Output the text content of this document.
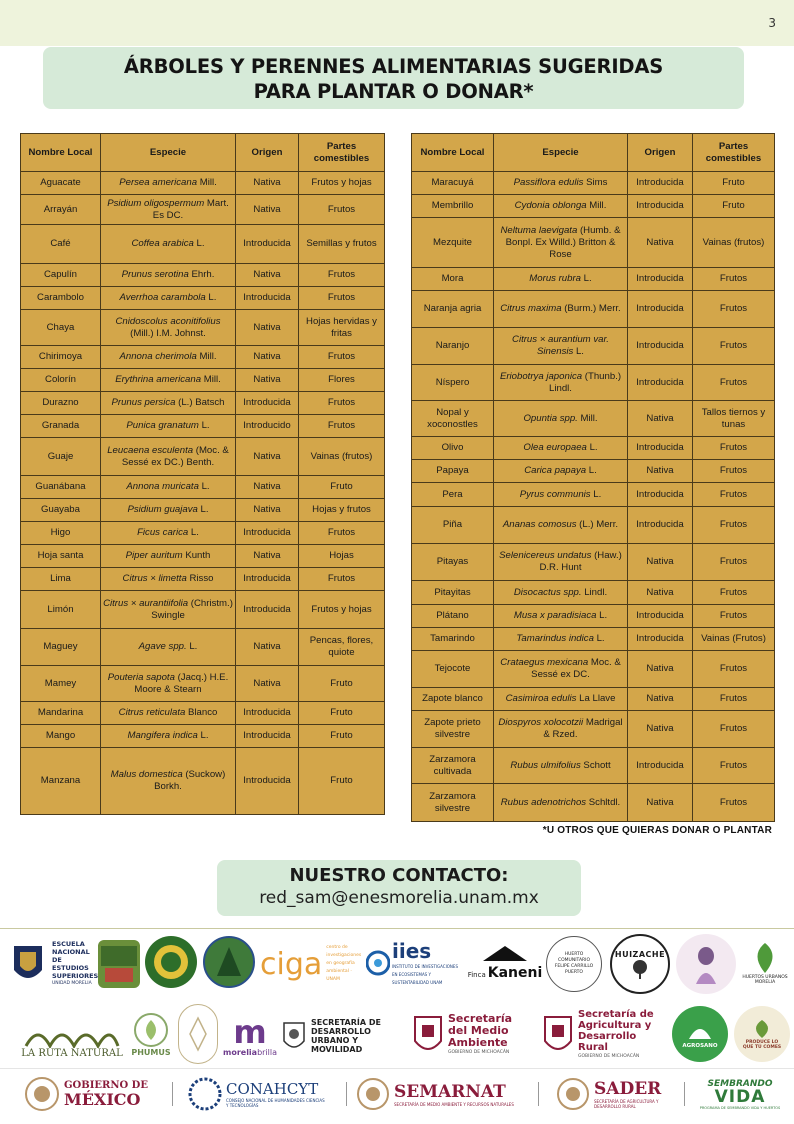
3
ÁRBOLES Y PERENNES ALIMENTARIAS SUGERIDAS
PARA PLANTAR O DONAR*
Nombre Local	Especie	Origen	Partes comestibles
Aguacate	Persea americana Mill.	Nativa	Frutos y hojas
Arrayán	Psidium oligospermum Mart. Es DC.	Nativa	Frutos
Café	Coffea arabica L.	Introducida	Semillas y frutos
Capulín	Prunus serotina Ehrh.	Nativa	Frutos
Carambolo	Averrhoa carambola L.	Introducida	Frutos
Chaya	Cnidoscolus aconitifolius (Mill.) I.M. Johnst.	Nativa	Hojas hervidas y fritas
Chirimoya	Annona cherimola Mill.	Nativa	Frutos
Colorín	Erythrina americana Mill.	Nativa	Flores
Durazno	Prunus persica (L.) Batsch	Introducida	Frutos
Granada	Punica granatum L.	Introducido	Frutos
Guaje	Leucaena esculenta (Moc. & Sessé ex DC.) Benth.	Nativa	Vainas (frutos)
Guanábana	Annona muricata L.	Nativa	Fruto
Guayaba	Psidium guajava L.	Nativa	Hojas y frutos
Higo	Ficus carica L.	Introducida	Frutos
Hoja santa	Piper auritum Kunth	Nativa	Hojas
Lima	Citrus × limetta Risso	Introducida	Frutos
Limón	Citrus × aurantiifolia (Christm.) Swingle	Introducida	Frutos y hojas
Maguey	Agave spp. L.	Nativa	Pencas, flores, quiote
Mamey	Pouteria sapota (Jacq.) H.E. Moore & Stearn	Nativa	Fruto
Mandarina	Citrus reticulata Blanco	Introducida	Fruto
Mango	Mangifera indica L.	Introducida	Fruto
Manzana	Malus domestica (Suckow) Borkh.	Introducida	Fruto
Nombre Local	Especie	Origen	Partes comestibles
Maracuyá	Passiflora edulis Sims	Introducida	Fruto
Membrillo	Cydonia oblonga Mill.	Introducida	Fruto
Mezquite	Neltuma laevigata (Humb. & Bonpl. Ex Willd.) Britton & Rose	Nativa	Vainas (frutos)
Mora	Morus rubra L.	Introducida	Frutos
Naranja agria	Citrus maxima (Burm.) Merr.	Introducida	Frutos
Naranjo	Citrus × aurantium var. Sinensis L.	Introducida	Frutos
Níspero	Eriobotrya japonica (Thunb.) Lindl.	Introducida	Frutos
Nopal y xoconostles	Opuntia spp. Mill.	Nativa	Tallos tiernos y tunas
Olivo	Olea europaea L.	Introducida	Frutos
Papaya	Carica papaya L.	Nativa	Frutos
Pera	Pyrus communis L.	Introducida	Frutos
Piña	Ananas comosus (L.) Merr.	Introducida	Frutos
Pitayas	Selenicereus undatus (Haw.) D.R. Hunt	Nativa	Frutos
Pitayitas	Disocactus spp. Lindl.	Nativa	Frutos
Plátano	Musa x paradisiaca L.	Introducida	Frutos
Tamarindo	Tamarindus indica L.	Introducida	Vainas (Frutos)
Tejocote	Crataegus mexicana Moc. & Sessé ex DC.	Nativa	Frutos
Zapote blanco	Casimiroa edulis La Llave	Nativa	Frutos
Zapote prieto silvestre	Diospyros xolocotzii Madrigal & Rzed.	Nativa	Frutos
Zarzamora cultivada	Rubus ulmifolius Schott	Introducida	Frutos
Zarzamora silvestre	Rubus adenotrichos Schltdl.	Nativa	Frutos
*U OTROS QUE QUIERAS DONAR O PLANTAR
NUESTRO CONTACTO:
red_sam@enesmorelia.unam.mx
ESCUELA NACIONAL DE ESTUDIOS SUPERIORES
UNIDAD MORELIA
ciga centro de investigaciones en geografía ambiental · UNAM
iies
INSTITUTO DE INVESTIGACIONES EN ECOSISTEMAS Y SUSTENTABILIDAD UNAM
Finca Kaneni
HUERTO COMUNITARIO FELIPE CARRILLO PUERTO
HUIZACHE
HUERTOS URBANOS MORELIA
LA RUTA NATURAL PHUMUS
m
moreliabrilla
SECRETARÍA DE DESARROLLO URBANO Y MOVILIDAD
Secretaría del Medio Ambiente
GOBIERNO DE MICHOACÁN
Secretaría de Agricultura y Desarrollo Rural
GOBIERNO DE MICHOACÁN
AGROSANO
PRODUCE LO QUE TÚ COMES
GOBIERNO DE
MÉXICO
CONAHCYT
CONSEJO NACIONAL DE HUMANIDADES CIENCIAS Y TECNOLOGÍAS
SEMARNAT
SECRETARÍA DE MEDIO AMBIENTE Y RECURSOS NATURALES
SADER
SECRETARÍA DE AGRICULTURA Y DESARROLLO RURAL
SEMBRANDO
VIDA
PROGRAMA DE SEMBRANDO VIDA Y HUERTOS
